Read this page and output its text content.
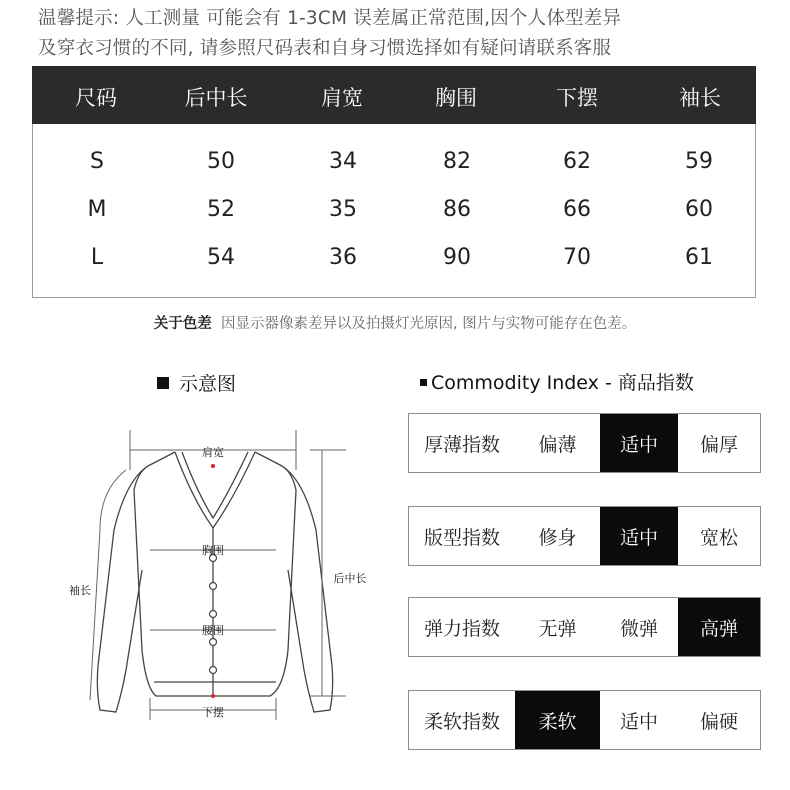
温馨提示: 人工测量 可能会有 1-3CM 误差属正常范围,因个人体型差异
及穿衣习惯的不同, 请参照尺码表和自身习惯选择如有疑问请联系客服
尺码	后中长	肩宽	胸围	下摆	袖长
S	50	34	82	62	59
M	52	35	86	66	60
L	54	36	90	70	61
关于色差 因显示器像素差异以及拍摄灯光原因, 图片与实物可能存在色差。
示意图	Commodity Index - 商品指数
肩宽
胸围
腰围
下摆
袖长
后中长
厚薄指数	偏薄	适中	偏厚
版型指数	修身	适中	宽松
弹力指数	无弹	微弹	高弹
柔软指数	柔软	适中	偏硬
